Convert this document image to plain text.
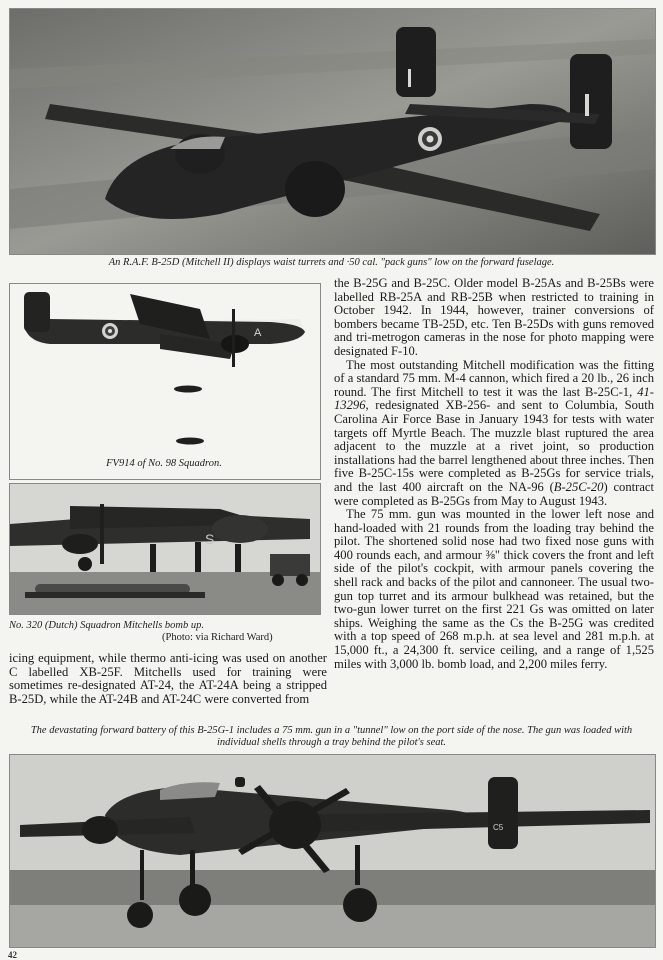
An R.A.F. B-25D (Mitchell II) displays waist turrets and ·50 cal. "pack guns" low on the forward fuselage.
A
FV914 of No. 98 Squadron.
S
No. 320 (Dutch) Squadron Mitchells bomb up.
(Photo: via Richard Ward)

icing equipment, while thermo anti-icing was used on another C labelled XB-25F. Mitchells used for training were sometimes re-designated AT-24, the AT-24A being a stripped B-25D, while the AT-24B and AT-24C were converted from

the B-25G and B-25C. Older model B-25As and B-25Bs were labelled RB-25A and RB-25B when restricted to training in October 1942. In 1944, however, trainer conversions of bombers became TB-25D, etc. Ten B-25Ds with guns removed and tri-metrogon cameras in the nose for photo mapping were designated F-10.

The most outstanding Mitchell modification was the fitting of a standard 75 mm. M-4 cannon, which fired a 20 lb., 26 inch round. The first Mitchell to test it was the last B-25C-1, 41-13296, redesignated XB-256- and sent to Columbia, South Carolina Air Force Base in January 1943 for tests with water targets off Myrtle Beach. The muzzle blast ruptured the area adjacent to the muzzle at a rivet joint, so production installations had the barrel lengthened about three inches. Then five B-25C-15s were completed as B-25Gs for service trials, and the last 400 aircraft on the NA-96 (B-25C-20) contract were completed as B-25Gs from May to August 1943.

The 75 mm. gun was mounted in the lower left nose and hand-loaded with 21 rounds from the loading tray behind the pilot. The shortened solid nose had two fixed nose guns with 400 rounds each, and armour ⅜" thick covers the front and left side of the pilot's cockpit, with armour panels covering the shell rack and backs of the pilot and cannoneer. The usual two-gun top turret and its armour bulkhead was retained, but the two-gun lower turret on the first 221 Gs was omitted on later ships. Weighing the same as the Cs the B-25G was credited with a top speed of 268 m.p.h. at sea level and 281 m.p.h. at 15,000 ft., a 24,300 ft. service ceiling, and a range of 1,525 miles with 3,000 lb. bomb load, and 2,200 miles ferry.

The devastating forward battery of this B-25G-1 includes a 75 mm. gun in a "tunnel" low on the port side of the nose. The gun was loaded with individual shells through a tray behind the pilot's seat.
C5
42
